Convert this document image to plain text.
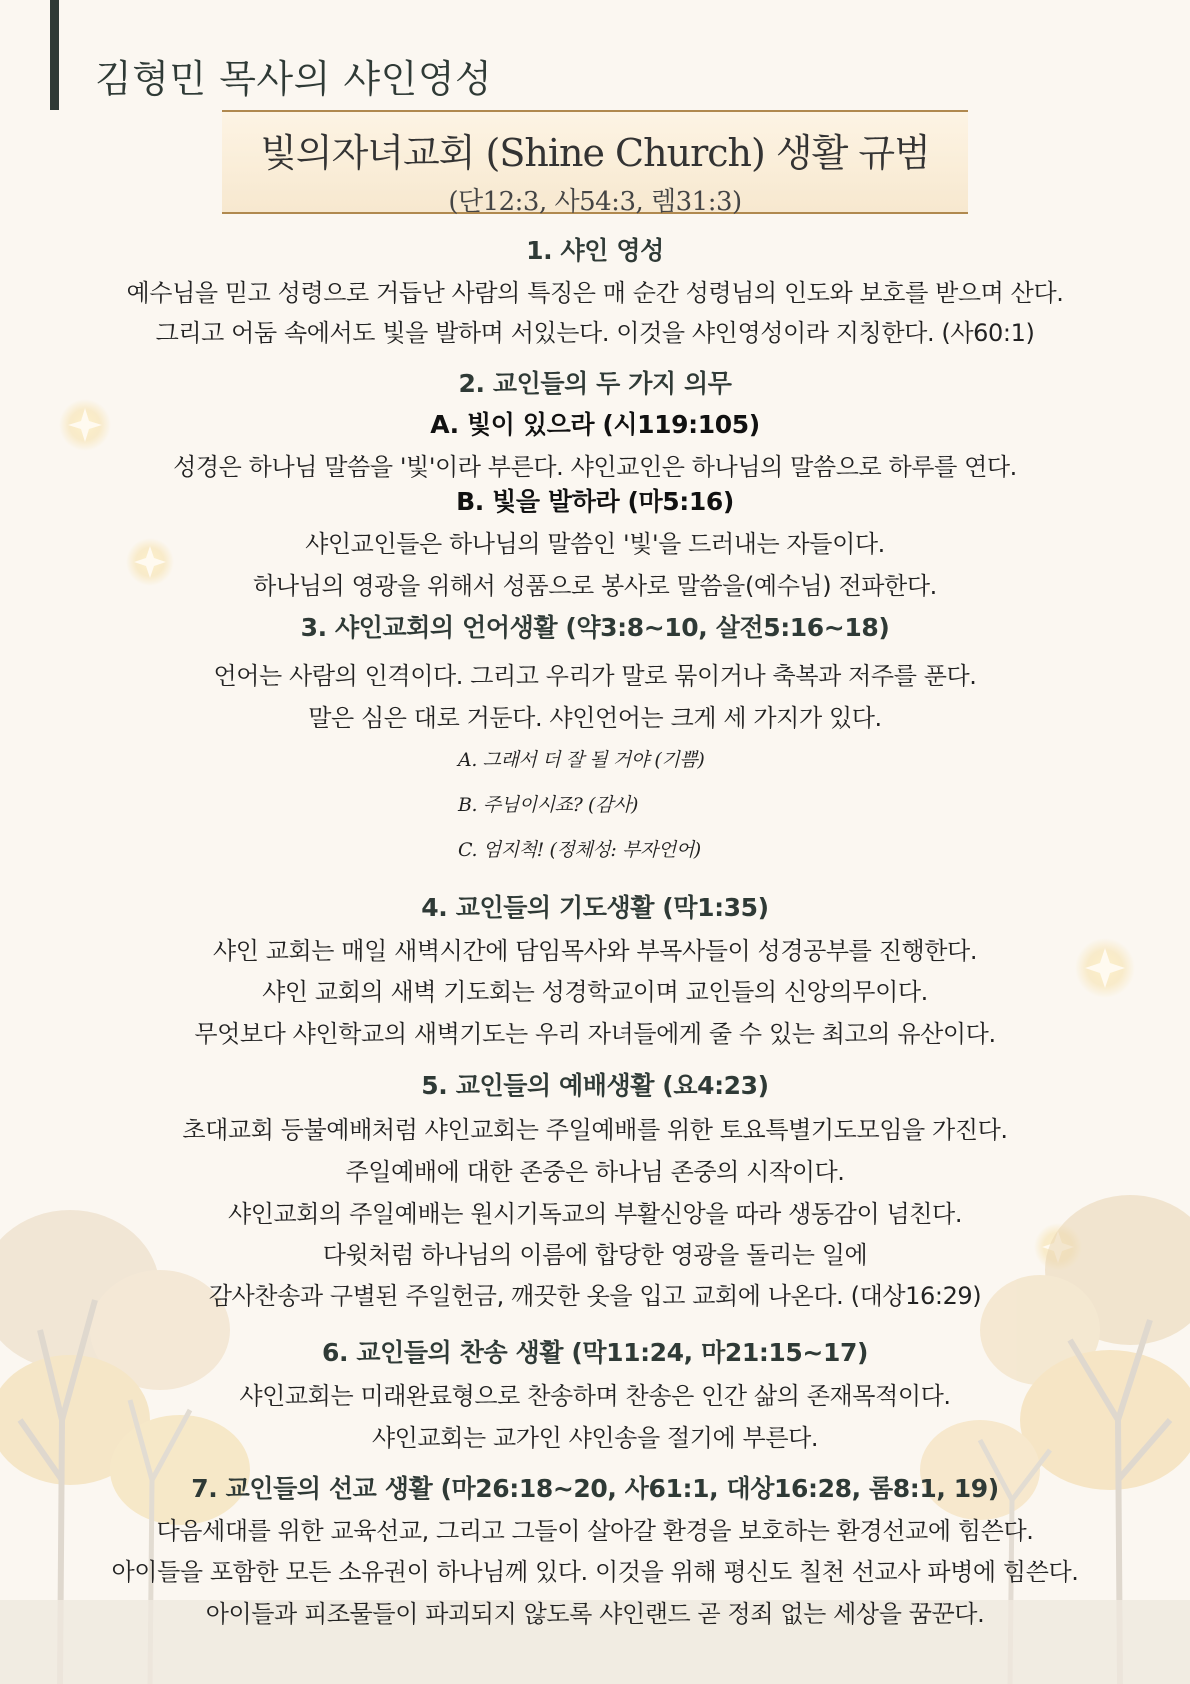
김형민 목사의 샤인영성
빛의자녀교회 (Shine Church) 생활 규범
(단12:3, 사54:3, 렘31:3)
1. 샤인 영성
예수님을 믿고 성령으로 거듭난 사람의 특징은 매 순간 성령님의 인도와 보호를 받으며 산다.
그리고 어둠 속에서도 빛을 발하며 서있는다. 이것을 샤인영성이라 지칭한다. (사60:1)
2. 교인들의 두 가지 의무
A. 빛이 있으라 (시119:105)
성경은 하나님 말씀을 '빛'이라 부른다. 샤인교인은 하나님의 말씀으로 하루를 연다.
B. 빛을 발하라 (마5:16)
샤인교인들은 하나님의 말씀인 '빛'을 드러내는 자들이다.
하나님의 영광을 위해서 성품으로 봉사로 말씀을(예수님) 전파한다.
3. 샤인교회의 언어생활 (약3:8~10, 살전5:16~18)
언어는 사람의 인격이다. 그리고 우리가 말로 묶이거나 축복과 저주를 푼다.
말은 심은 대로 거둔다. 샤인언어는 크게 세 가지가 있다.
A. 그래서 더 잘 될 거야 (기쁨)
B. 주님이시죠? (감사)
C. 엄지척! (정체성: 부자언어)
4. 교인들의 기도생활 (막1:35)
샤인 교회는 매일 새벽시간에 담임목사와 부목사들이 성경공부를 진행한다.
샤인 교회의 새벽 기도회는 성경학교이며 교인들의 신앙의무이다.
무엇보다 샤인학교의 새벽기도는 우리 자녀들에게 줄 수 있는 최고의 유산이다.
5. 교인들의 예배생활 (요4:23)
초대교회 등불예배처럼 샤인교회는 주일예배를 위한 토요특별기도모임을 가진다.
주일예배에 대한 존중은 하나님 존중의 시작이다.
샤인교회의 주일예배는 원시기독교의 부활신앙을 따라 생동감이 넘친다.
다윗처럼 하나님의 이름에 합당한 영광을 돌리는 일에
감사찬송과 구별된 주일헌금, 깨끗한 옷을 입고 교회에 나온다. (대상16:29)
6. 교인들의 찬송 생활 (막11:24, 마21:15~17)
샤인교회는 미래완료형으로 찬송하며 찬송은 인간 삶의 존재목적이다.
샤인교회는 교가인 샤인송을 절기에 부른다.
7. 교인들의 선교 생활 (마26:18~20, 사61:1, 대상16:28, 롬8:1, 19)
다음세대를 위한 교육선교, 그리고 그들이 살아갈 환경을 보호하는 환경선교에 힘쓴다.
아이들을 포함한 모든 소유권이 하나님께 있다. 이것을 위해 평신도 칠천 선교사 파병에 힘쓴다.
아이들과 피조물들이 파괴되지 않도록 샤인랜드 곧 정죄 없는 세상을 꿈꾼다.
